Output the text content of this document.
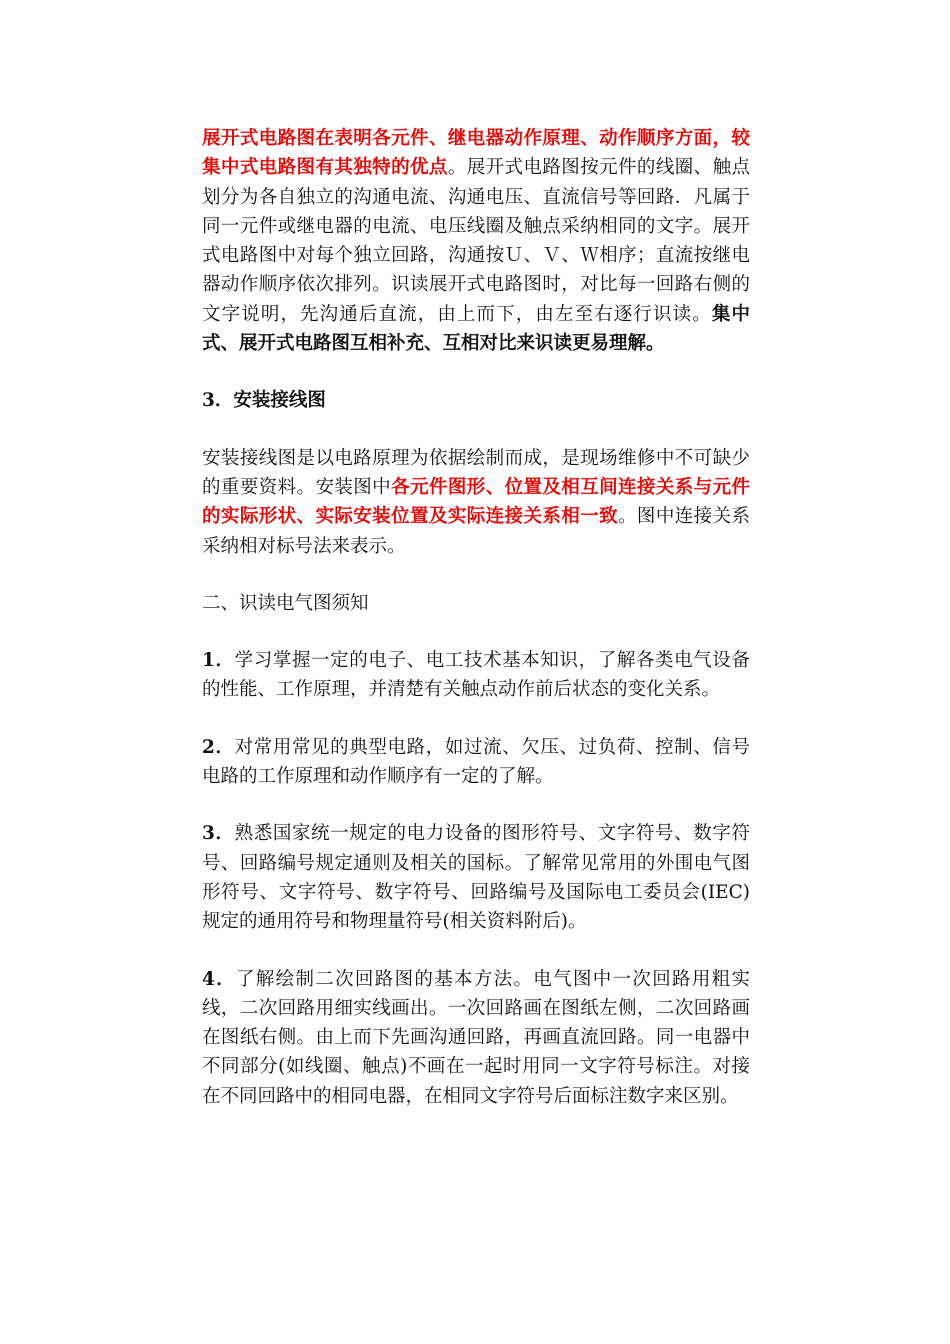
展开式电路图在表明各元件、继电器动作原理、动作顺序方面，较集中式电路图有其独特的优点。展开式电路图按元件的线圈、触点划分为各自独立的沟通电流、沟通电压、直流信号等回路．凡属于同一元件或继电器的电流、电压线圈及触点采纳相同的文字。展开式电路图中对每个独立回路，沟通按Ｕ、Ｖ、Ｗ相序；直流按继电器动作顺序依次排列。识读展开式电路图时，对比每一回路右侧的文字说明，先沟通后直流，由上而下，由左至右逐行识读。集中式、展开式电路图互相补充、互相对比来识读更易理解。

3．安装接线图

安装接线图是以电路原理为依据绘制而成，是现场维修中不可缺少的重要资料。安装图中各元件图形、位置及相互间连接关系与元件的实际形状、实际安装位置及实际连接关系相一致。图中连接关系采纳相对标号法来表示。

二、识读电气图须知

1．学习掌握一定的电子、电工技术基本知识，了解各类电气设备的性能、工作原理，并清楚有关触点动作前后状态的变化关系。

2．对常用常见的典型电路，如过流、欠压、过负荷、控制、信号电路的工作原理和动作顺序有一定的了解。

3．熟悉国家统一规定的电力设备的图形符号、文字符号、数字符号、回路编号规定通则及相关的国标。了解常见常用的外围电气图形符号、文字符号、数字符号、回路编号及国际电工委员会(IEC)规定的通用符号和物理量符号(相关资料附后)。

4．了解绘制二次回路图的基本方法。电气图中一次回路用粗实线，二次回路用细实线画出。一次回路画在图纸左侧，二次回路画在图纸右侧。由上而下先画沟通回路，再画直流回路。同一电器中不同部分(如线圈、触点)不画在一起时用同一文字符号标注。对接在不同回路中的相同电器，在相同文字符号后面标注数字来区别。
